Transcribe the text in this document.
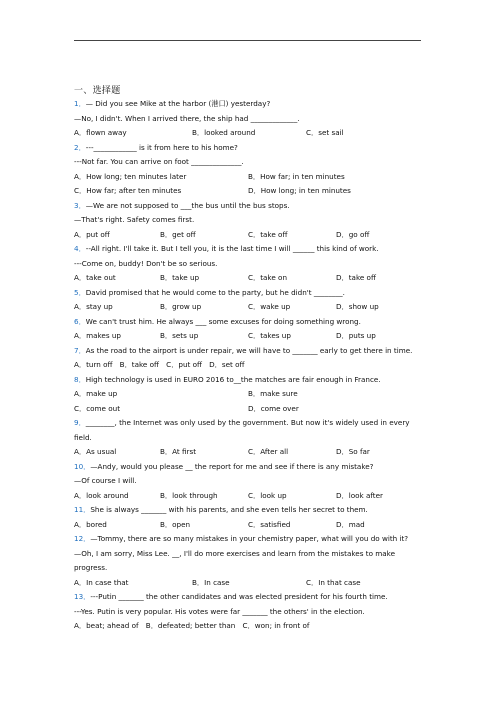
一、选择题
1．— Did you see Mike at the harbor (港口) yesterday?
—No, I didn't. When I arrived there, the ship had _____________.
A．flown away	B．looked around	C．set sail
2．---____________ is it from here to his home?
---Not far. You can arrive on foot ______________.
A．How long; ten minutes later	B．How far; in ten minutes
C．How far; after ten minutes	D．How long; in ten minutes
3．—We are not supposed to ___the bus until the bus stops.
—That's right. Safety comes first.
A．put off	B．get off	C．take off	D．go off
4．--All right. I'll take it. But I tell you, it is the last time I will ______ this kind of work.
---Come on, buddy! Don't be so serious.
A．take out	B．take up	C．take on	D．take off
5．David promised that he would come to the party, but he didn't ________.
A．stay up	B．grow up	C．wake up	D．show up
6．We can't trust him. He always ___ some excuses for doing something wrong.
A．makes up	B．sets up	C．takes up	D．puts up
7．As the road to the airport is under repair, we will have to _______ early to get there in time.
A．turn off　B．take off　C．put off　D．set off
8．High technology is used in EURO 2016 to__the matches are fair enough in France.
A．make up	B．make sure
C．come out	D．come over
9．________, the Internet was only used by the government. But now it's widely used in every
field.
A．As usual	B．At first	C．After all	D．So far
10．—Andy, would you please __ the report for me and see if there is any mistake?
—Of course I will.
A．look around	B．look through	C．look up	D．look after
11．She is always _______ with his parents, and she even tells her secret to them.
A．bored	B．open	C．satisfied	D．mad
12．—Tommy, there are so many mistakes in your chemistry paper, what will you do with it?
—Oh, I am sorry, Miss Lee. __, I'll do more exercises and learn from the mistakes to make
progress.
A．In case that	B．In case	C．In that case
13．---Putin _______ the other candidates and was elected president for his fourth time.
---Yes. Putin is very popular. His votes were far _______ the others' in the election.
A．beat; ahead of　B．defeated; better than　C．won; in front of
